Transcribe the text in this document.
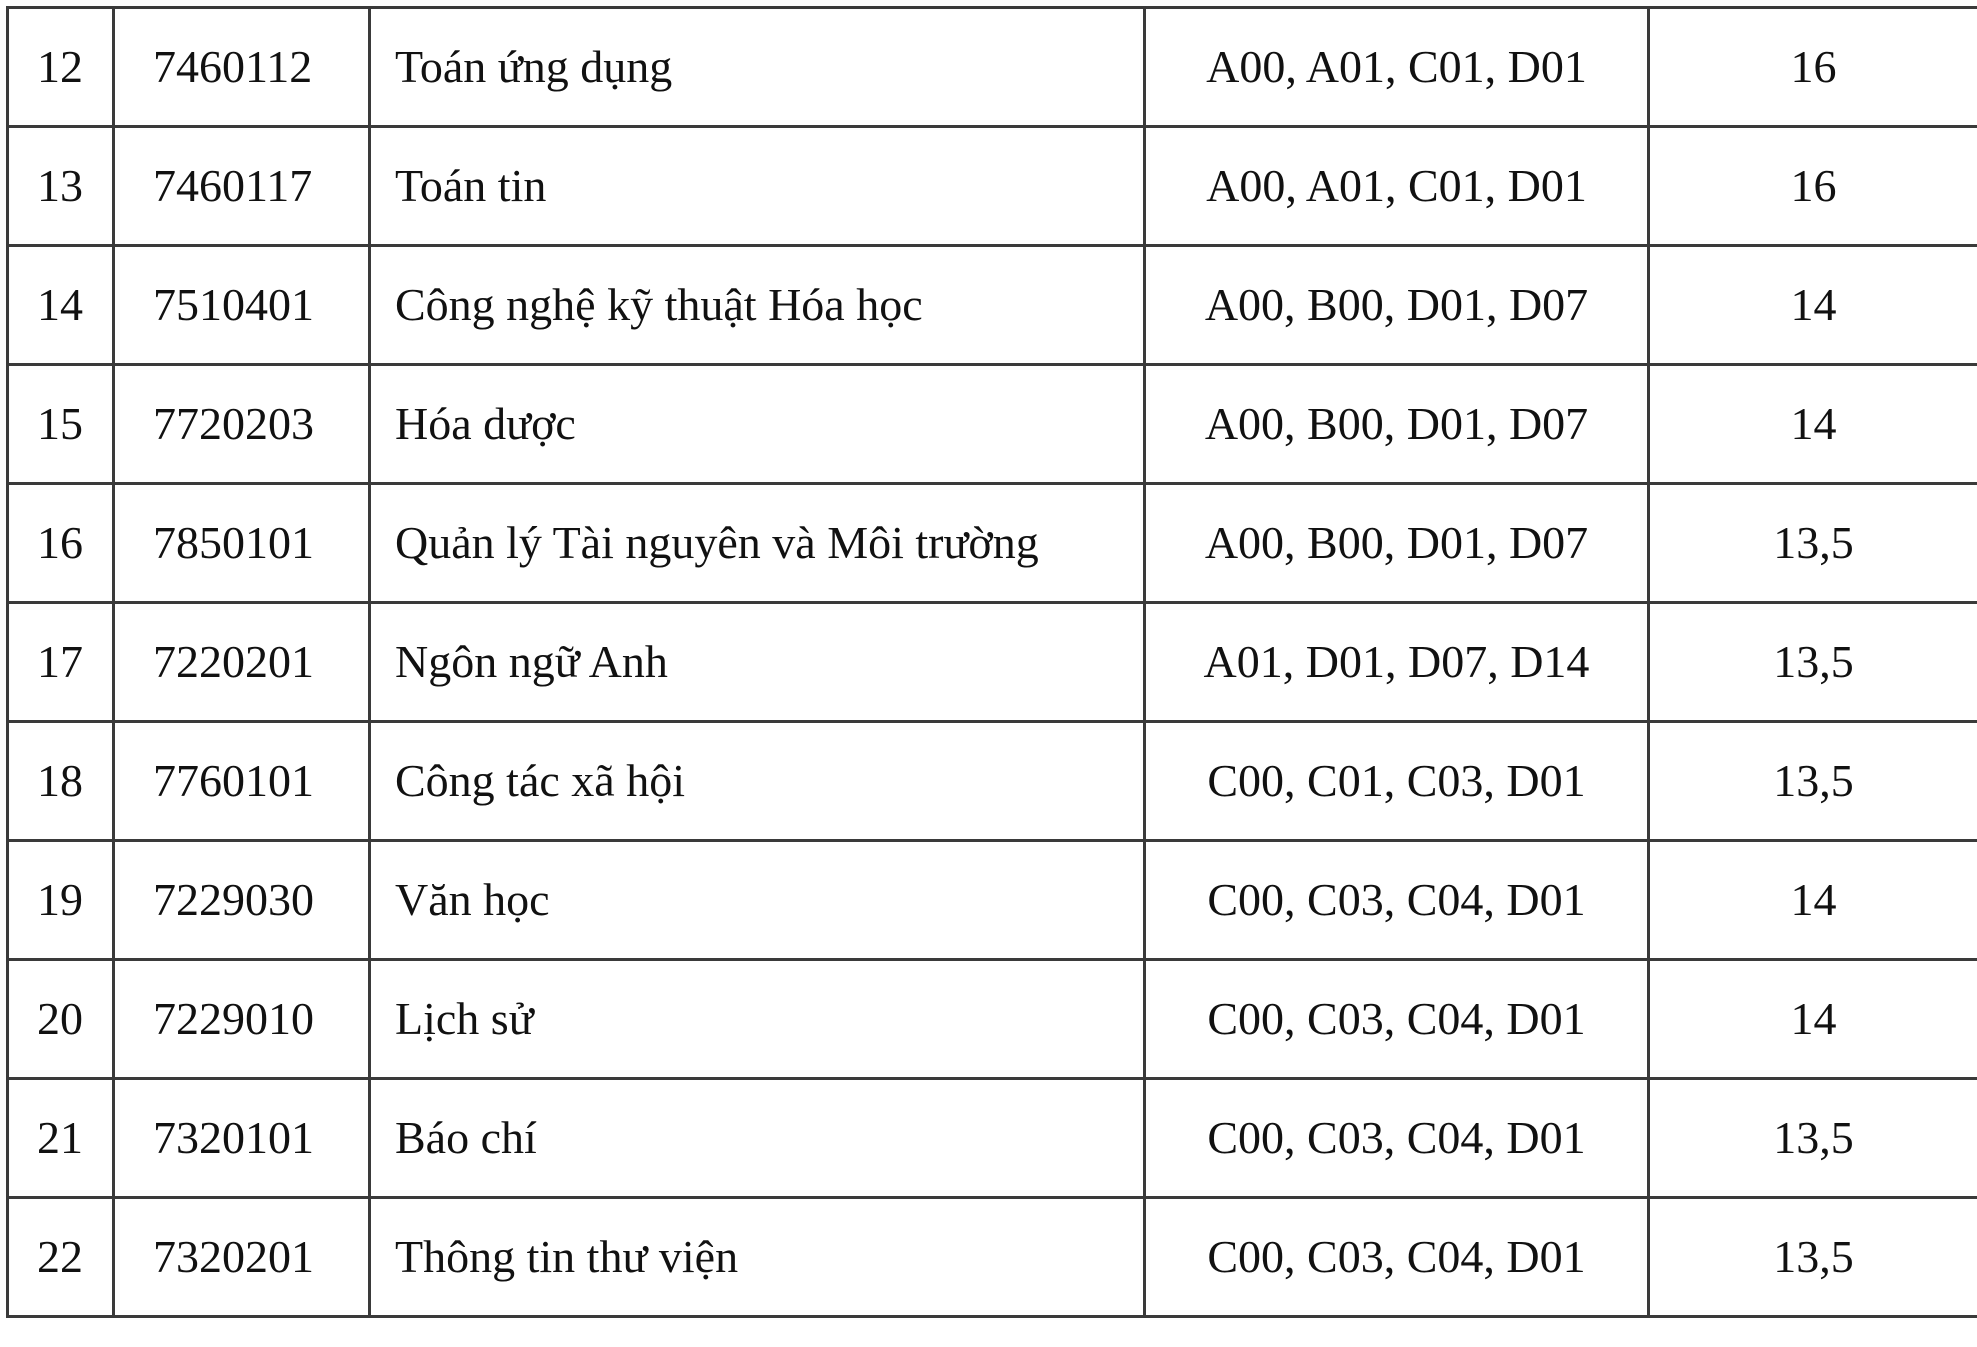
12	7460112	Toán ứng dụng	A00, A01, C01, D01	16
13	7460117	Toán tin	A00, A01, C01, D01	16
14	7510401	Công nghệ kỹ thuật Hóa học	A00, B00, D01, D07	14
15	7720203	Hóa dược	A00, B00, D01, D07	14
16	7850101	Quản lý Tài nguyên và Môi trường	A00, B00, D01, D07	13,5
17	7220201	Ngôn ngữ Anh	A01, D01, D07, D14	13,5
18	7760101	Công tác xã hội	C00, C01, C03, D01	13,5
19	7229030	Văn học	C00, C03, C04, D01	14
20	7229010	Lịch sử	C00, C03, C04, D01	14
21	7320101	Báo chí	C00, C03, C04, D01	13,5
22	7320201	Thông tin thư viện	C00, C03, C04, D01	13,5
